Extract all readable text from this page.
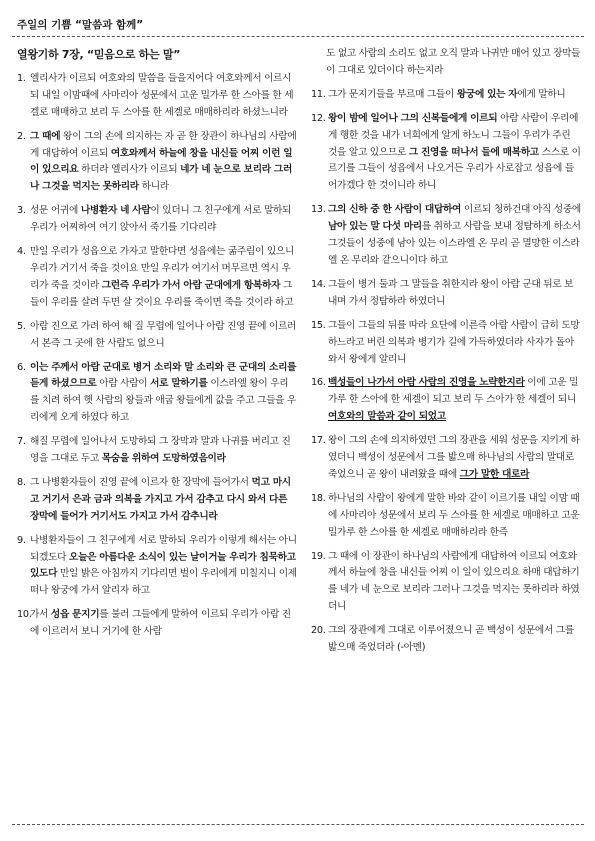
주일의 기쁨 “말씀과 함께”
열왕기하 7장, “믿음으로 하는 말”
1. 엘리사가 이르되 여호와의 말씀을 들을지어다 여호와께서 이르시되 내일 이맘때에 사마리아 성문에서 고운 밀가루 한 스아를 한 세겔로 매매하고 보리 두 스아를 한 세겔로 매매하리라 하셨느니라
2. 그 때에 왕이 그의 손에 의지하는 자 곧 한 장관이 하나님의 사람에게 대답하여 이르되 여호와께서 하늘에 창을 내신들 어찌 이런 일이 있으리요 하더라 엘리사가 이르되 네가 네 눈으로 보리라 그러나 그것을 먹지는 못하리라 하니라
3. 성문 어귀에 나병환자 네 사람이 있더니 그 친구에게 서로 말하되 우리가 어찌하여 여기 앉아서 죽기를 기다리랴
4. 만일 우리가 성읍으로 가자고 말한다면 성읍에는 굶주림이 있으니 우리가 거기서 죽을 것이요 만일 우리가 여기서 머무르면 역시 우리가 죽을 것이라 그런즉 우리가 가서 아람 군대에게 항복하자 그들이 우리를 살려 두면 살 것이요 우리를 죽이면 죽을 것이라 하고
5. 아람 진으로 가려 하여 해 질 무렵에 일어나 아람 진영 끝에 이르러서 본즉 그 곳에 한 사람도 없으니
6. 이는 주께서 아람 군대로 병거 소리와 말 소리와 큰 군대의 소리를 듣게 하셨으므로 아람 사람이 서로 말하기를 이스라엘 왕이 우리를 치려 하여 헷 사람의 왕들과 애굽 왕들에게 값을 주고 그들을 우리에게 오게 하였다 하고
7. 해질 무렵에 일어나서 도망하되 그 장막과 말과 나귀를 버리고 진영을 그대로 두고 목숨을 위하여 도망하였음이라
8. 그 나병환자들이 진영 끝에 이르자 한 장막에 들어가서 먹고 마시고 거기서 은과 금과 의복을 가지고 가서 감추고 다시 와서 다른 장막에 들어가 거기서도 가지고 가서 감추니라
9. 나병환자들이 그 친구에게 서로 말하되 우리가 이렇게 해서는 아니되겠도다 오늘은 아름다운 소식이 있는 날이거늘 우리가 침묵하고 있도다 만일 밝은 아침까지 기다리면 벌이 우리에게 미칠지니 이제 떠나 왕궁에 가서 알리자 하고
10.
가서 성읍 문지기를 불러 그들에게 말하여 이르되 우리가 아람 진에 이르러서 보니 거기에 한 사람
도 없고 사람의 소리도 없고 오직 말과 나귀만 매어 있고 장막들이 그대로 있더이다 하는지라
11. 그가 문지기들을 부르매 그들이 왕궁에 있는 자에게 말하니
12. 왕이 밤에 일어나 그의 신복들에게 이르되 아람 사람이 우리에게 행한 것을 내가 너희에게 알게 하노니 그들이 우리가 주린 것을 알고 있으므로 그 진영을 떠나서 들에 매복하고 스스로 이르기를 그들이 성읍에서 나오거든 우리가 사로잡고 성읍에 들어가겠다 한 것이니라 하니
13. 그의 신하 중 한 사람이 대답하여 이르되 청하건대 아직 성중에 남아 있는 말 다섯 마리를 취하고 사람을 보내 정탐하게 하소서 그것들이 성중에 남아 있는 이스라엘 온 무리 곧 멸망한 이스라엘 온 무리와 같으니이다 하고
14. 그들이 병거 둘과 그 말들을 취한지라 왕이 아람 군대 뒤로 보내며 가서 정탐하라 하였더니
15. 그들이 그들의 뒤를 따라 요단에 이른즉 아람 사람이 급히 도망하느라고 버린 의복과 병기가 길에 가득하였더라 사자가 돌아와서 왕에게 알리니
16. 백성들이 나가서 아람 사람의 진영을 노략한지라 이에 고운 밀가루 한 스아에 한 세겔이 되고 보리 두 스아가 한 세겔이 되니 여호와의 말씀과 같이 되었고
17. 왕이 그의 손에 의지하였던 그의 장관을 세워 성문을 지키게 하였더니 백성이 성문에서 그를 밟으매 하나님의 사람의 말대로 죽었으니 곧 왕이 내려왔을 때에 그가 말한 대로라
18. 하나님의 사람이 왕에게 말한 바와 같이 이르기를 내일 이맘 때에 사마리아 성문에서 보리 두 스아를 한 세겔로 매매하고 고운 밀가루 한 스아를 한 세겔로 매매하리라 한즉
19. 그 때에 이 장관이 하나님의 사람에게 대답하여 이르되 여호와께서 하늘에 창을 내신들 어찌 이 일이 있으리요 하매 대답하기를 네가 네 눈으로 보리라 그러나 그것을 먹지는 못하리라 하였더니
20. 그의 장관에게 그대로 이루어졌으니 곧 백성이 성문에서 그를 밟으매 죽었더라 (-아멘)
